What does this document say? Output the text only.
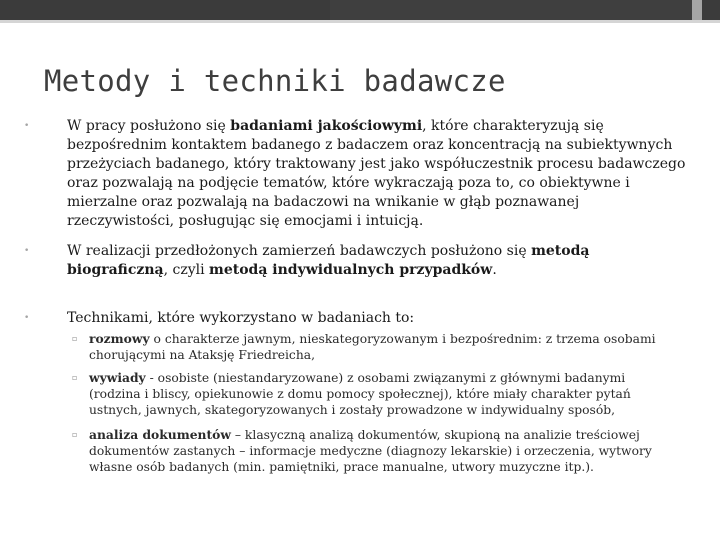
Metody i techniki badawcze
•	W pracy posłużono się badaniami jakościowymi, które charakteryzują się bezpośrednim kontaktem badanego z badaczem oraz koncentracją na subiektywnych przeżyciach badanego, który traktowany jest jako współuczestnik procesu badawczego oraz pozwalają na podjęcie tematów, które wykraczają poza to, co obiektywne i mierzalne oraz pozwalają na badaczowi na wnikanie w głąb poznawanej rzeczywistości, posługując się emocjami i intuicją.

•	W realizacji przedłożonych zamierzeń badawczych posłużono się metodą biograficzną, czyli metodą indywidualnych przypadków.

•	Technikami, które wykorzystano w badaniach to:

▫ rozmowy o charakterze jawnym, nieskategoryzowanym i bezpośrednim: z trzema osobami chorującymi na Ataksję Friedreicha,

▫ wywiady - osobiste (niestandaryzowane) z osobami związanymi z głównymi badanymi (rodzina i bliscy, opiekunowie z domu pomocy społecznej), które miały charakter pytań ustnych, jawnych, skategoryzowanych i zostały prowadzone w indywidualny sposób,

▫ analiza dokumentów – klasyczną analizą dokumentów, skupioną na analizie treściowej dokumentów zastanych – informacje medyczne (diagnozy lekarskie) i orzeczenia, wytwory własne osób badanych (min. pamiętniki, prace manualne, utwory muzyczne itp.).
